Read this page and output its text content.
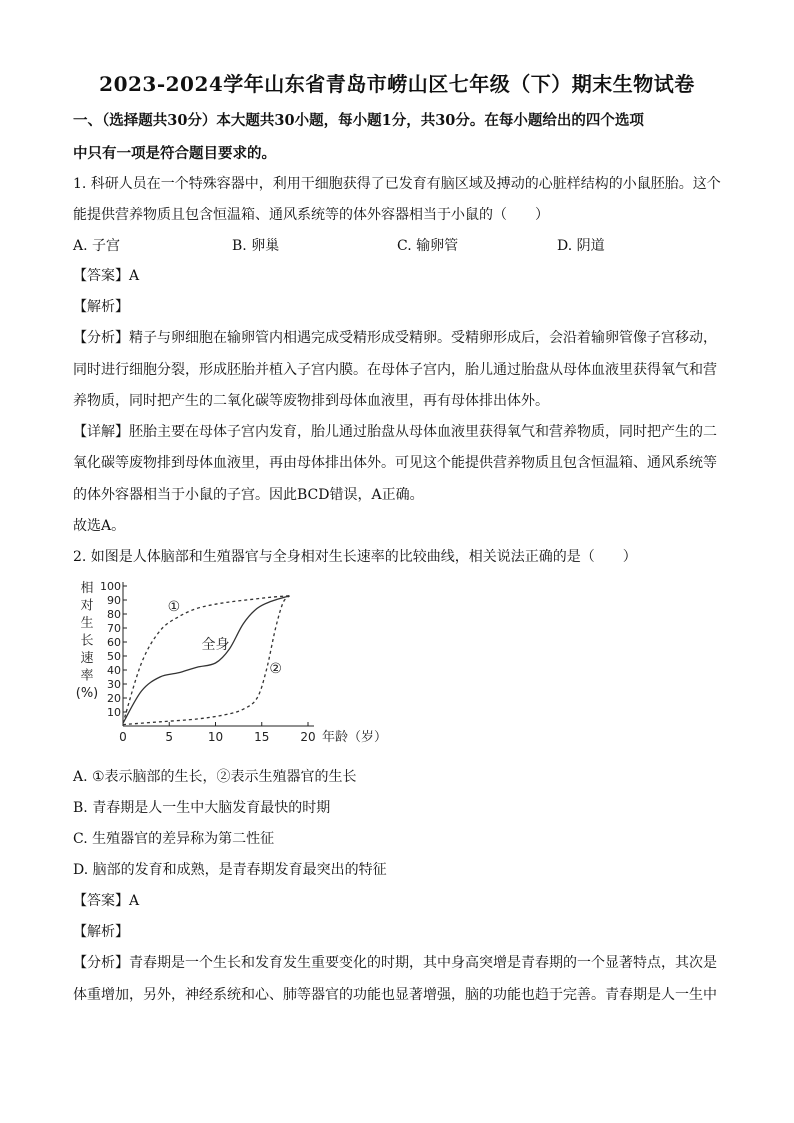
2023-2024学年山东省青岛市崂山区七年级（下）期末生物试卷
一、（选择题共30分）本大题共30小题，每小题1分，共30分。在每小题给出的四个选项
中只有一项是符合题目要求的。
1. 科研人员在一个特殊容器中，利用干细胞获得了已发育有脑区域及搏动的心脏样结构的小鼠胚胎。这个
能提供营养物质且包含恒温箱、通风系统等的体外容器相当于小鼠的（　　）
A. 子宫	B. 卵巢	C. 输卵管	D. 阴道
【答案】A
【解析】
【分析】精子与卵细胞在输卵管内相遇完成受精形成受精卵。受精卵形成后，会沿着输卵管像子宫移动，
同时进行细胞分裂，形成胚胎并植入子宫内膜。在母体子宫内，胎儿通过胎盘从母体血液里获得氧气和营
养物质，同时把产生的二氧化碳等废物排到母体血液里，再有母体排出体外。
【详解】胚胎主要在母体子宫内发育，胎儿通过胎盘从母体血液里获得氧气和营养物质，同时把产生的二
氧化碳等废物排到母体血液里，再由母体排出体外。可见这个能提供营养物质且包含恒温箱、通风系统等
的体外容器相当于小鼠的子宫。因此BCD错误，A正确。
故选A。
2. 如图是人体脑部和生殖器官与全身相对生长速率的比较曲线，相关说法正确的是（　　）
10
20
30
40
50
60
70
80
90
100
0	5	10	15	20
相
对
生
长
速
率
(%)
年龄（岁）
①
全身
②
A. ①表示脑部的生长，②表示生殖器官的生长
B. 青春期是人一生中大脑发育最快的时期
C. 生殖器官的差异称为第二性征
D. 脑部的发育和成熟，是青春期发育最突出的特征
【答案】A
【解析】
【分析】青春期是一个生长和发育发生重要变化的时期，其中身高突增是青春期的一个显著特点，其次是
体重增加，另外，神经系统和心、肺等器官的功能也显著增强，脑的功能也趋于完善。青春期是人一生中
